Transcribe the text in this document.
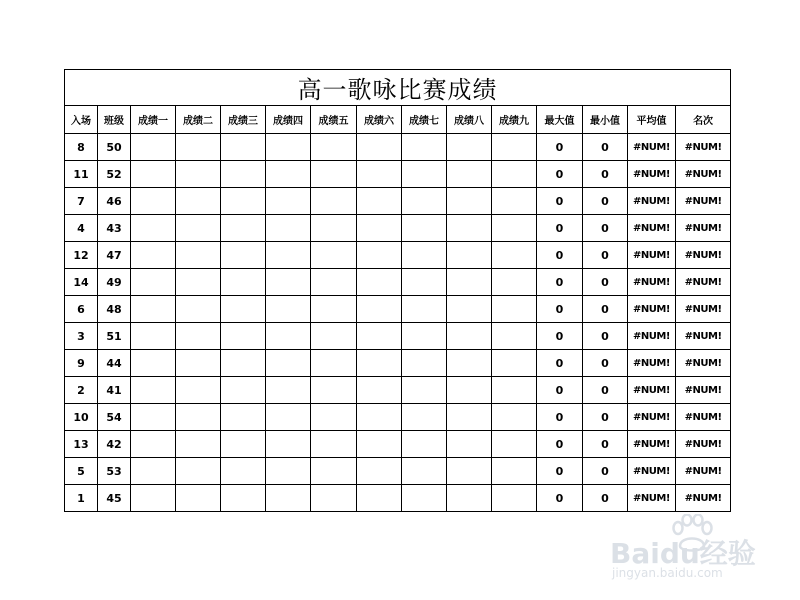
高一歌咏比赛成绩														
入场	班级	成绩一	成绩二	成绩三	成绩四	成绩五	成绩六	成绩七	成绩八	成绩九	最大值	最小值	平均值	名次
8	50										0	0	#NUM!	#NUM!
11	52										0	0	#NUM!	#NUM!
7	46										0	0	#NUM!	#NUM!
4	43										0	0	#NUM!	#NUM!
12	47										0	0	#NUM!	#NUM!
14	49										0	0	#NUM!	#NUM!
6	48										0	0	#NUM!	#NUM!
3	51										0	0	#NUM!	#NUM!
9	44										0	0	#NUM!	#NUM!
2	41										0	0	#NUM!	#NUM!
10	54										0	0	#NUM!	#NUM!
13	42										0	0	#NUM!	#NUM!
5	53										0	0	#NUM!	#NUM!
1	45										0	0	#NUM!	#NUM!
Baidu经验
jingyan.baidu.com
